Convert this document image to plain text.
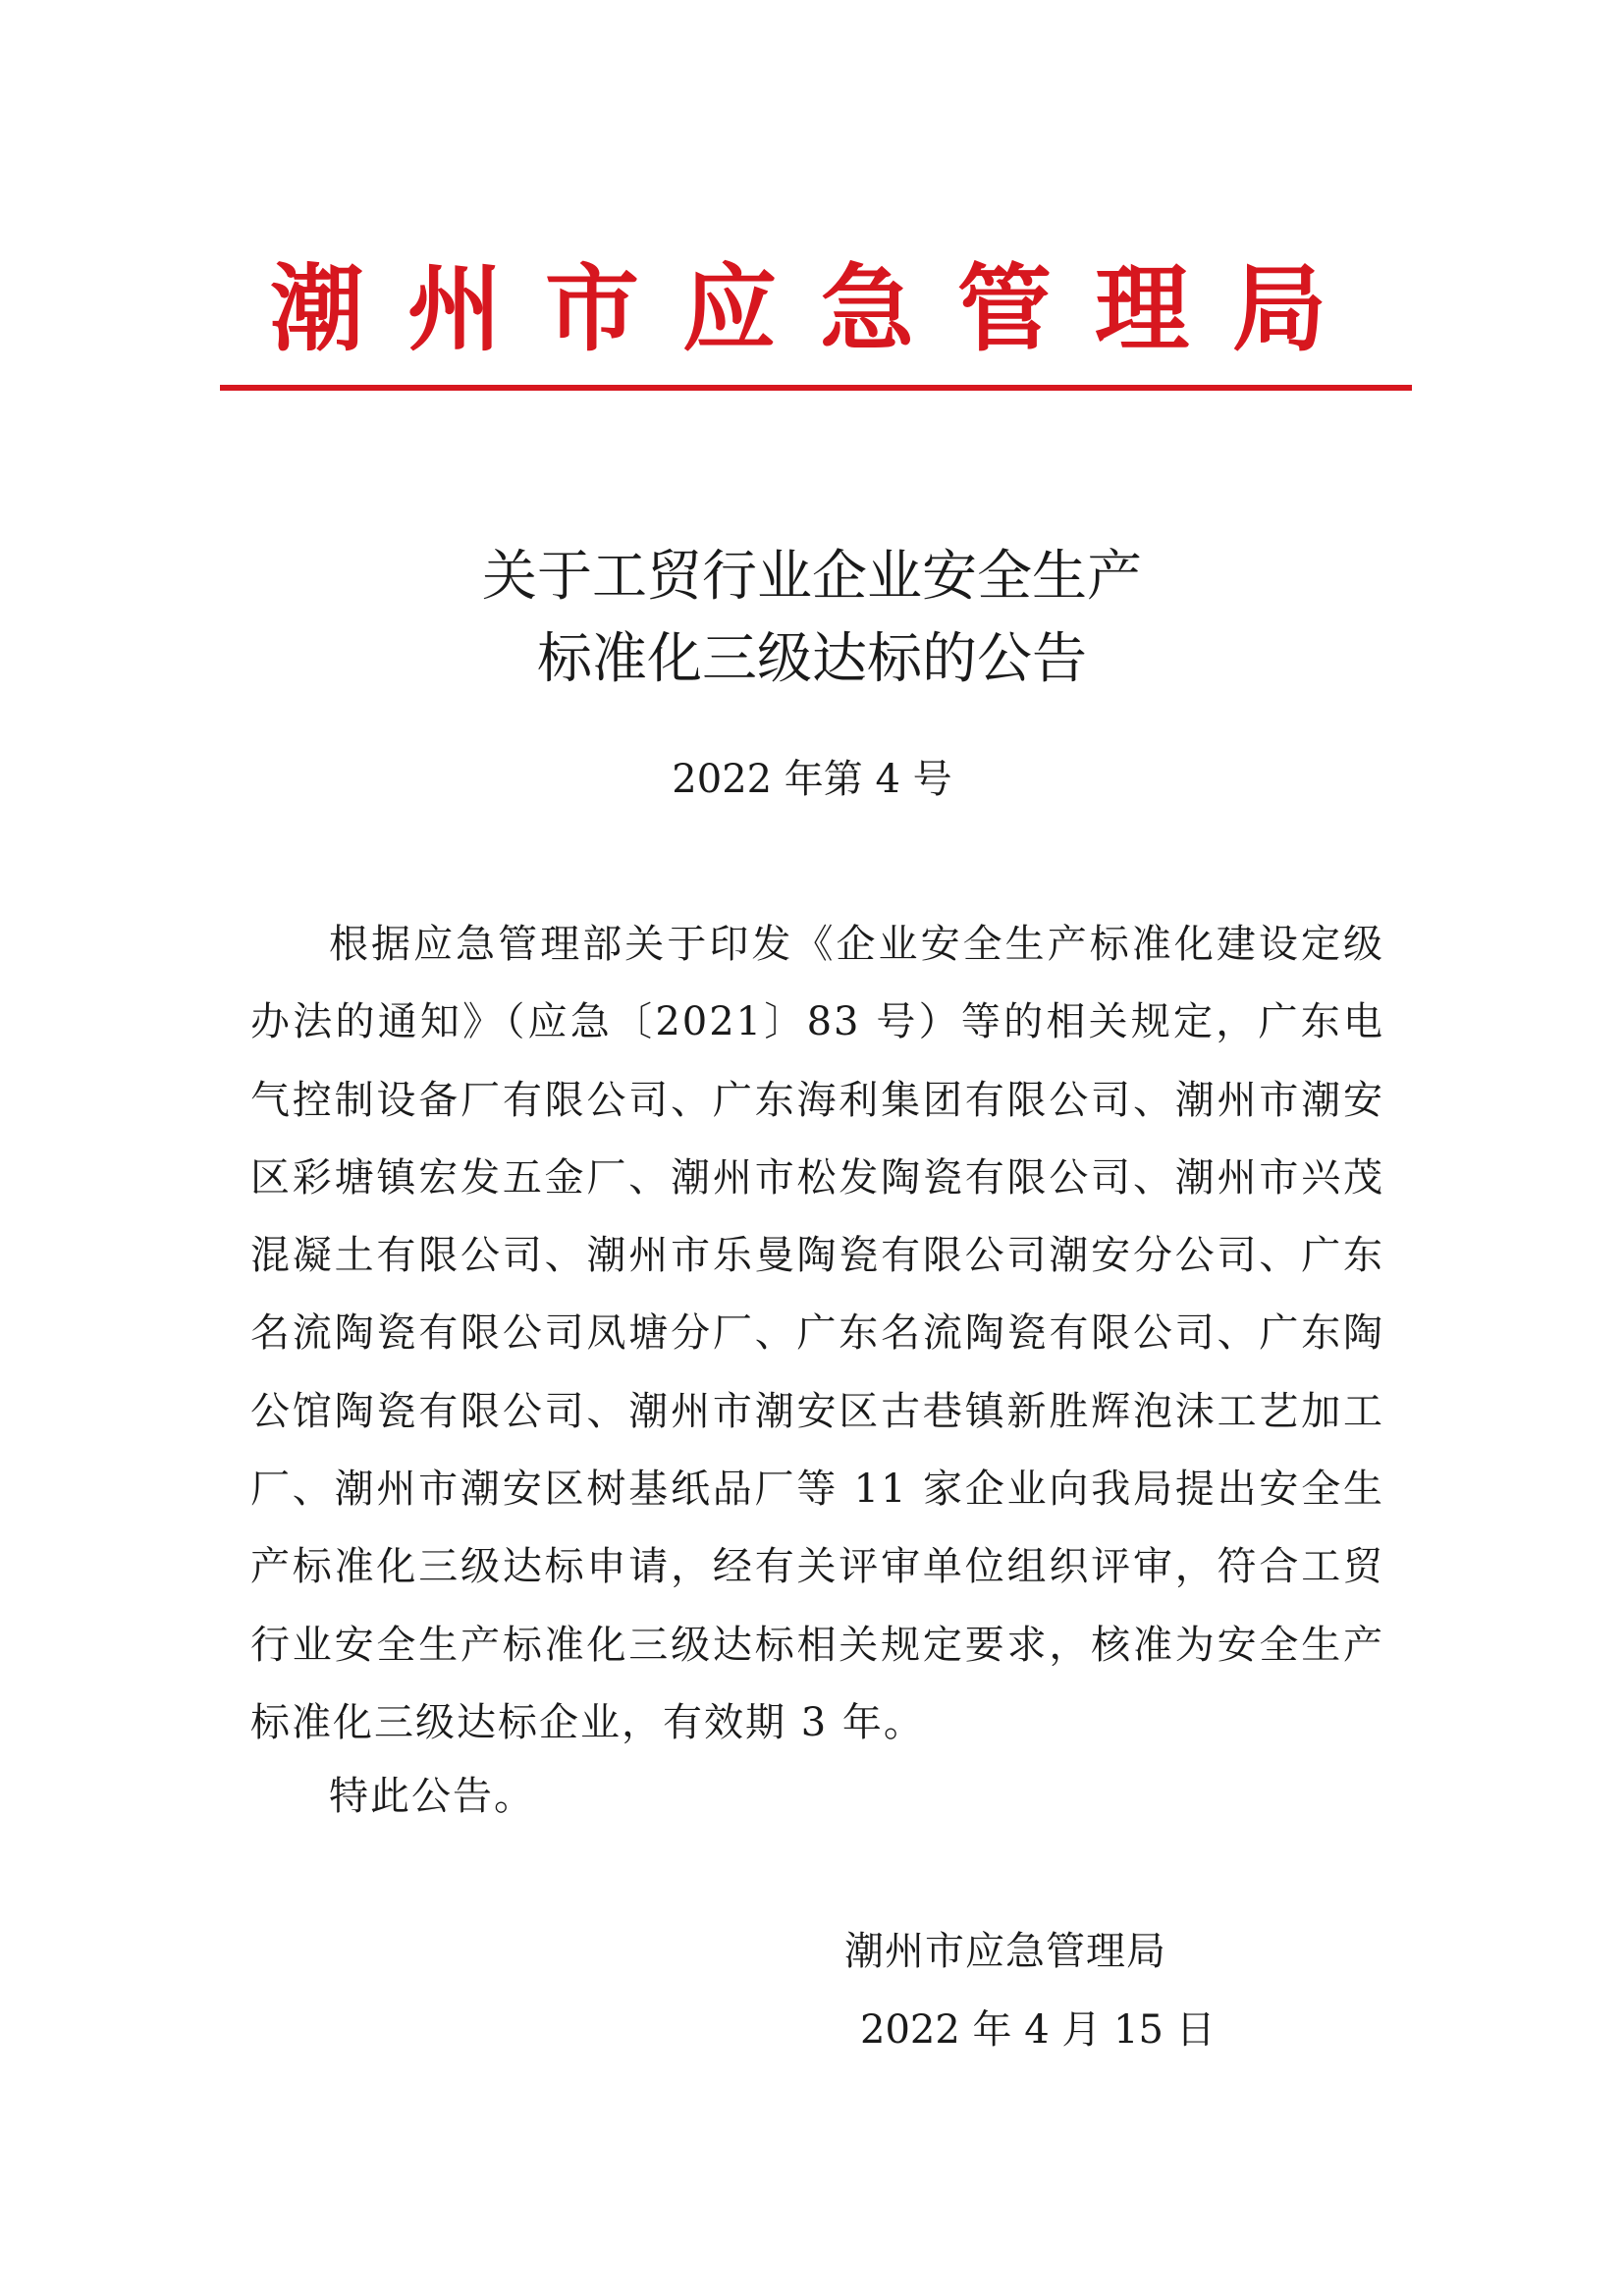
潮州市应急管理局
关于工贸行业企业安全生产
标准化三级达标的公告
2022 年第 4 号

根据应急管理部关于印发《企业安全生产标准化建设定级办法的通知》（应急〔2021〕83 号）等的相关规定，广东电气控制设备厂有限公司、广东海利集团有限公司、潮州市潮安区彩塘镇宏发五金厂、潮州市松发陶瓷有限公司、潮州市兴茂混凝土有限公司、潮州市乐曼陶瓷有限公司潮安分公司、广东名流陶瓷有限公司凤塘分厂、广东名流陶瓷有限公司、广东陶公馆陶瓷有限公司、潮州市潮安区古巷镇新胜辉泡沫工艺加工厂、潮州市潮安区树基纸品厂等 11 家企业向我局提出安全生产标准化三级达标申请，经有关评审单位组织评审，符合工贸行业安全生产标准化三级达标相关规定要求，核准为安全生产标准化三级达标企业，有效期 3 年。

特此公告。

潮州市应急管理局
2022 年 4 月 15 日
